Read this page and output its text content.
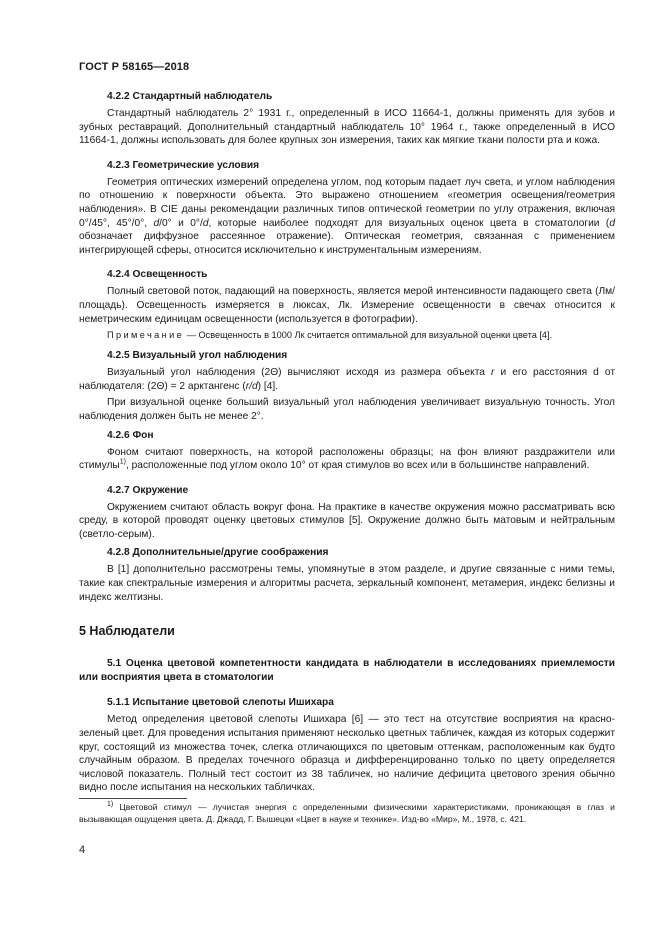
ГОСТ Р 58165—2018
4.2.2 Стандартный наблюдатель
Стандартный наблюдатель 2° 1931 г., определенный в ИСО 11664-1, должны применять для зубов и зубных реставраций. Дополнительный стандартный наблюдатель 10° 1964 г., также определенный в ИСО 11664-1, должны использовать для более крупных зон измерения, таких как мягкие ткани полости рта и кожа.
4.2.3 Геометрические условия
Геометрия оптических измерений определена углом, под которым падает луч света, и углом наблюдения по отношению к поверхности объекта. Это выражено отношением «геометрия освещения/геометрия наблюдения». В CIE даны рекомендации различных типов оптической геометрии по углу отражения, включая 0°/45°, 45°/0°, d/0° и 0°/d, которые наиболее подходят для визуальных оценок цвета в стоматологии (d обозначает диффузное рассеянное отражение). Оптическая геометрия, связанная с применением интегрирующей сферы, относится исключительно к инструментальным измерениям.
4.2.4 Освещенность
Полный световой поток, падающий на поверхность, является мерой интенсивности падающего света (Лм/площадь). Освещенность измеряется в люксах, Лк. Измерение освещенности в свечах относится к неметрическим единицам освещенности (используется в фотографии).
Примечание — Освещенность в 1000 Лк считается оптимальной для визуальной оценки цвета [4].
4.2.5 Визуальный угол наблюдения
Визуальный угол наблюдения (2Θ) вычисляют исходя из размера объекта r и его расстояния d от наблюдателя: (2Θ) = 2 арктангенс (r/d) [4].
При визуальной оценке больший визуальный угол наблюдения увеличивает визуальную точность. Угол наблюдения должен быть не менее 2°.
4.2.6 Фон
Фоном считают поверхность, на которой расположены образцы; на фон влияют раздражители или стимулы$^{1)}$, расположенные под углом около 10° от края стимулов во всех или в большинстве направлений.
4.2.7 Окружение
Окружением считают область вокруг фона. На практике в качестве окружения можно рассматривать всю среду, в которой проводят оценку цветовых стимулов [5]. Окружение должно быть матовым и нейтральным (светло-серым).
4.2.8 Дополнительные/другие соображения
В [1] дополнительно рассмотрены темы, упомянутые в этом разделе, и другие связанные с ними темы, такие как спектральные измерения и алгоритмы расчета, зеркальный компонент, метамерия, индекс белизны и индекс желтизны.
5 Наблюдатели
5.1 Оценка цветовой компетентности кандидата в наблюдатели в исследованиях приемлемости или восприятия цвета в стоматологии
5.1.1 Испытание цветовой слепоты Ишихара
Метод определения цветовой слепоты Ишихара [6] — это тест на отсутствие восприятия на красно-зеленый цвет. Для проведения испытания применяют несколько цветных табличек, каждая из которых содержит круг, состоящий из множества точек, слегка отличающихся по цветовым оттенкам, расположенным как будто случайным образом. В пределах точечного образца и дифференцированно только по цвету определяется числовой показатель. Полный тест состоит из 38 табличек, но наличие дефицита цветового зрения обычно видно после испытания на нескольких табличках.
$^{1)}$ Цветовой стимул — лучистая энергия с определенными физическими характеристиками, проникающая в глаз и вызывающая ощущения цвета. Д. Джадд, Г. Вышецки «Цвет в науке и технике». Изд-во «Мир», М., 1978, с. 421.
4
